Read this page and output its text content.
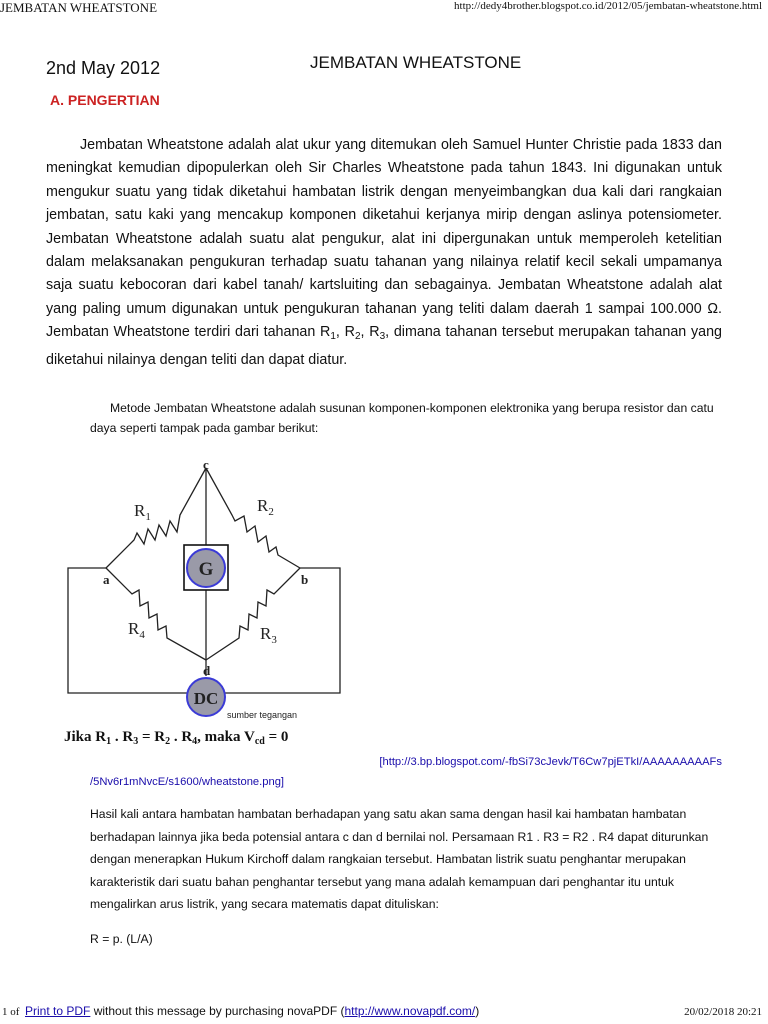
JEMBATAN WHEATSTONE	http://dedy4brother.blogspot.co.id/2012/05/jembatan-wheatstone.html
2nd May 2012	JEMBATAN WHEATSTONE
A. PENGERTIAN

Jembatan Wheatstone adalah alat ukur yang ditemukan oleh Samuel Hunter Christie pada 1833 dan meningkat kemudian dipopulerkan oleh Sir Charles Wheatstone pada tahun 1843. Ini digunakan untuk mengukur suatu yang tidak diketahui hambatan listrik dengan menyeimbangkan dua kali dari rangkaian jembatan, satu kaki yang mencakup komponen diketahui kerjanya mirip dengan aslinya potensiometer. Jembatan Wheatstone adalah suatu alat pengukur, alat ini dipergunakan untuk memperoleh ketelitian dalam melaksanakan pengukuran terhadap suatu tahanan yang nilainya relatif kecil sekali umpamanya saja suatu kebocoran dari kabel tanah/ kartsluiting dan sebagainya. Jembatan Wheatstone adalah alat yang paling umum digunakan untuk pengukuran tahanan yang teliti dalam daerah 1 sampai 100.000 Ω. Jembatan Wheatstone terdiri dari tahanan $R_1$, $R_2$, $R_3$, dimana tahanan tersebut merupakan tahanan yang diketahui nilainya dengan teliti dan dapat diatur.

Metode Jembatan Wheatstone adalah susunan komponen-komponen elektronika yang berupa resistor dan catu daya seperti tampak pada gambar berikut:

G
DC
sumber tegangan
c
a	b
d
$R_1$
$R_2$
$R_4$	$R_3$
Jika $R_1$ . $R_3 = R_2$ . $R_4$, maka $V_{cd} = 0$
[http://3.bp.blogspot.com/-fbSi73cJevk/T6Cw7pjETkI/AAAAAAAAAFs
/5Nv6r1mNvcE/s1600/wheatstone.png]

Hasil kali antara hambatan hambatan berhadapan yang satu akan sama dengan hasil kai hambatan hambatan berhadapan lainnya jika beda potensial antara c dan d bernilai nol. Persamaan R1 . R3 = R2 . R4 dapat diturunkan dengan menerapkan Hukum Kirchoff dalam rangkaian tersebut. Hambatan listrik suatu penghantar merupakan karakteristik dari suatu bahan penghantar tersebut yang mana adalah kemampuan dari penghantar itu untuk mengalirkan arus listrik, yang secara matematis dapat dituliskan:

R = p. (L/A)
1 of Print to PDF without this message by purchasing novaPDF (http://www.novapdf.com/)	20/02/2018 20:21
